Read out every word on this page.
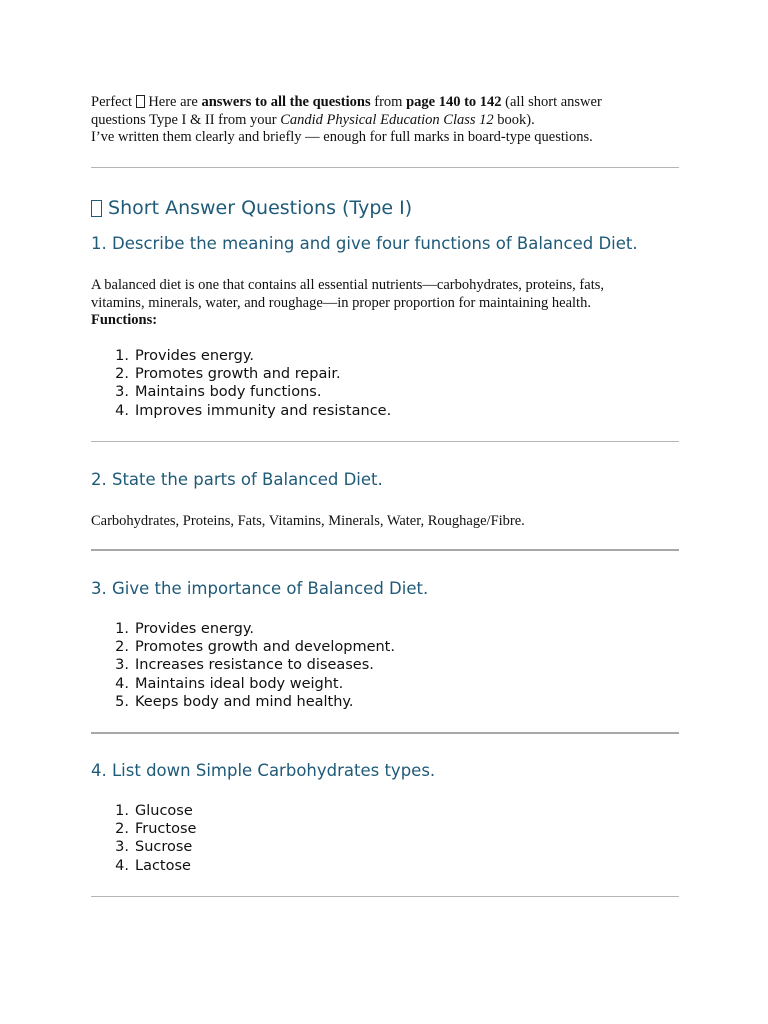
Perfect Here are answers to all the questions from page 140 to 142 (all short answer
questions Type I & II from your Candid Physical Education Class 12 book).
I’ve written them clearly and briefly — enough for full marks in board-type questions.
Short Answer Questions (Type I)
1. Describe the meaning and give four functions of Balanced Diet.
A balanced diet is one that contains all essential nutrients—carbohydrates, proteins, fats,
vitamins, minerals, water, and roughage—in proper proportion for maintaining health.
Functions:
1. Provides energy.
2. Promotes growth and repair.
3. Maintains body functions.
4. Improves immunity and resistance.
2. State the parts of Balanced Diet.
Carbohydrates, Proteins, Fats, Vitamins, Minerals, Water, Roughage/Fibre.
3. Give the importance of Balanced Diet.
1. Provides energy.
2. Promotes growth and development.
3. Increases resistance to diseases.
4. Maintains ideal body weight.
5. Keeps body and mind healthy.
4. List down Simple Carbohydrates types.
1. Glucose
2. Fructose
3. Sucrose
4. Lactose
